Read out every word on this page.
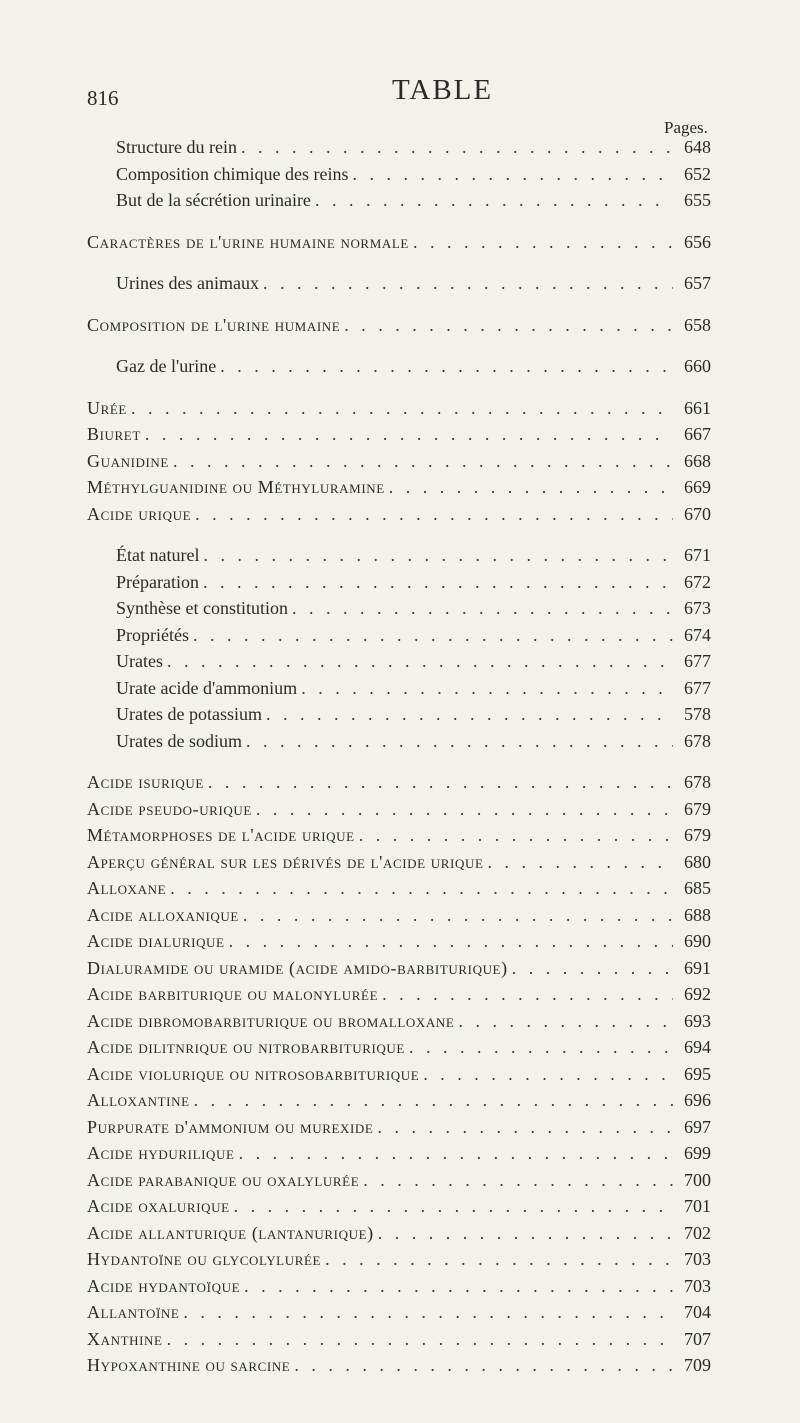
816	TABLE
Pages.
Structure du rein . . .	648
Composition chimique des reins . . .	652
But de la sécrétion urinaire . . .	655
Caractères de l'urine humaine normale . . .	656
Urines des animaux . . .	657
Composition de l'urine humaine . . .	658
Gaz de l'urine . . .	660
Urée . . .	661
Biuret . . .	667
Guanidine . . .	668
Méthylguanidine ou Méthyluramine . . .	669
Acide urique . . .	670
État naturel . . .	671
Préparation . . .	672
Synthèse et constitution . . .	673
Propriétés . . .	674
Urates . . .	677
Urate acide d'ammonium . . .	677
Urates de potassium . . .	578
Urates de sodium . . .	678
Acide isurique . . .	678
Acide pseudo-urique . . .	679
Métamorphoses de l'acide urique . . .	679
Aperçu général sur les dérivés de l'acide urique . . .	680
Alloxane . . .	685
Acide alloxanique . . .	688
Acide dialurique . . .	690
Dialuramide ou uramide (acide amido-barbiturique) . . .	691
Acide barbiturique ou malonylurée . . .	692
Acide dibromobarbiturique ou bromalloxane . . .	693
Acide dilitnrique ou nitrobarbiturique . . .	694
Acide violurique ou nitrosobarbiturique . . .	695
Alloxantine . . .	696
Purpurate d'ammonium ou murexide . . .	697
Acide hydurilique . . .	699
Acide parabanique ou oxalylurée . . .	700
Acide oxalurique . . .	701
Acide allanturique (lantanurique) . . .	702
Hydantoïne ou glycolylurée . . .	703
Acide hydantoïque . . .	703
Allantoïne . . .	704
Xanthine . . .	707
Hypoxanthine ou sarcine . . .	709
